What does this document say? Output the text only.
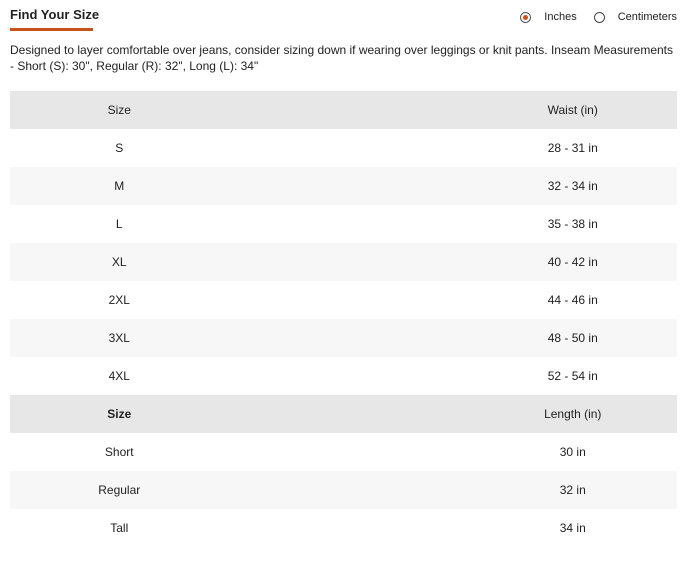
Find Your Size	Inches	Centimeters
Designed to layer comfortable over jeans, consider sizing down if wearing over leggings or knit pants. Inseam Measurements - Short (S): 30", Regular (R): 32", Long (L): 34"
Size	Waist (in)
S	28 - 31 in
M	32 - 34 in
L	35 - 38 in
XL	40 - 42 in
2XL	44 - 46 in
3XL	48 - 50 in
4XL	52 - 54 in
Size	Length (in)
Short	30 in
Regular	32 in
Tall	34 in
